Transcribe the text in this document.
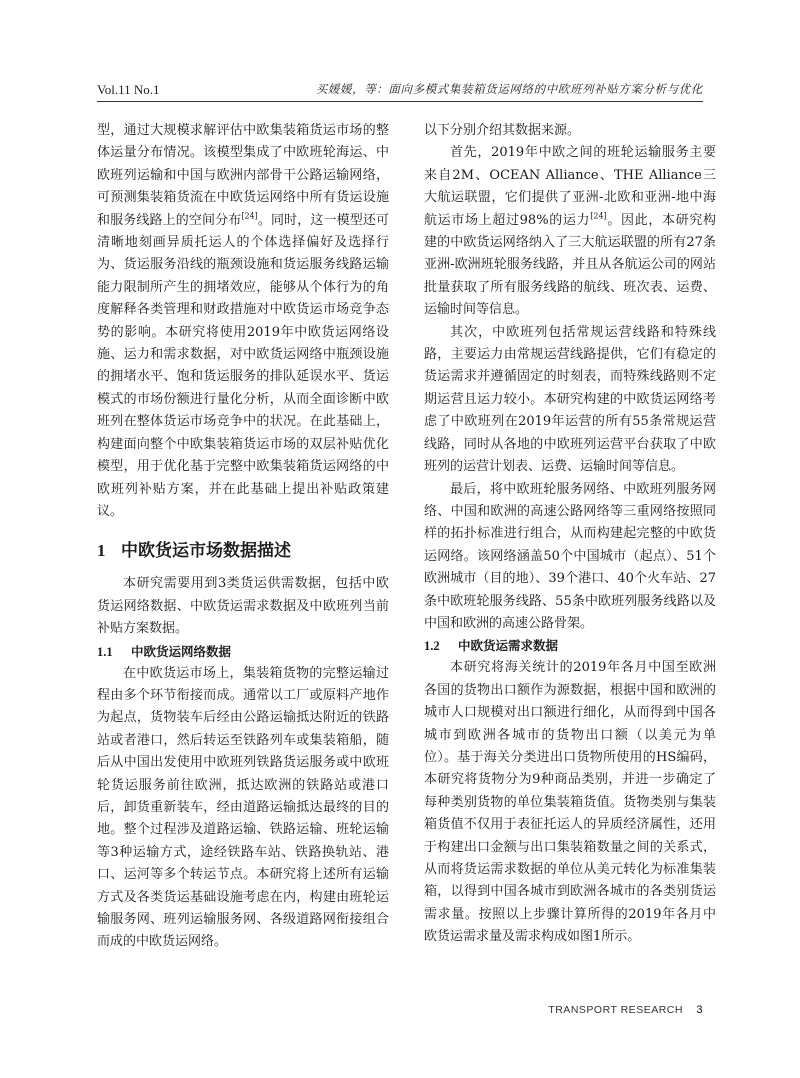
Vol.11 No.1	买媛媛，等：面向多模式集装箱货运网络的中欧班列补贴方案分析与优化

型，通过大规模求解评估中欧集装箱货运市场的整体运量分布情况。该模型集成了中欧班轮海运、中欧班列运输和中国与欧洲内部骨干公路运输网络，可预测集装箱货流在中欧货运网络中所有货运设施和服务线路上的空间分布[24]。同时，这一模型还可清晰地刻画异质托运人的个体选择偏好及选择行为、货运服务沿线的瓶颈设施和货运服务线路运输能力限制所产生的拥堵效应，能够从个体行为的角度解释各类管理和财政措施对中欧货运市场竞争态势的影响。本研究将使用2019年中欧货运网络设施、运力和需求数据，对中欧货运网络中瓶颈设施的拥堵水平、饱和货运服务的排队延误水平、货运模式的市场份额进行量化分析，从而全面诊断中欧班列在整体货运市场竞争中的状况。在此基础上，构建面向整个中欧集装箱货运市场的双层补贴优化模型，用于优化基于完整中欧集装箱货运网络的中欧班列补贴方案，并在此基础上提出补贴政策建议。

1 中欧货运市场数据描述

本研究需要用到3类货运供需数据，包括中欧货运网络数据、中欧货运需求数据及中欧班列当前补贴方案数据。

1.1 中欧货运网络数据

在中欧货运市场上，集装箱货物的完整运输过程由多个环节衔接而成。通常以工厂或原料产地作为起点，货物装车后经由公路运输抵达附近的铁路站或者港口，然后转运至铁路列车或集装箱船，随后从中国出发使用中欧班列铁路货运服务或中欧班轮货运服务前往欧洲，抵达欧洲的铁路站或港口后，卸货重新装车，经由道路运输抵达最终的目的地。整个过程涉及道路运输、铁路运输、班轮运输等3种运输方式，途经铁路车站、铁路换轨站、港口、运河等多个转运节点。本研究将上述所有运输方式及各类货运基础设施考虑在内，构建由班轮运输服务网、班列运输服务网、各级道路网衔接组合而成的中欧货运网络。

以下分别介绍其数据来源。

首先，2019年中欧之间的班轮运输服务主要来自2M、OCEAN Alliance、THE Alliance三大航运联盟，它们提供了亚洲-北欧和亚洲-地中海航运市场上超过98%的运力[24]。因此，本研究构建的中欧货运网络纳入了三大航运联盟的所有27条亚洲-欧洲班轮服务线路，并且从各航运公司的网站批量获取了所有服务线路的航线、班次表、运费、运输时间等信息。

其次，中欧班列包括常规运营线路和特殊线路，主要运力由常规运营线路提供，它们有稳定的货运需求并遵循固定的时刻表，而特殊线路则不定期运营且运力较小。本研究构建的中欧货运网络考虑了中欧班列在2019年运营的所有55条常规运营线路，同时从各地的中欧班列运营平台获取了中欧班列的运营计划表、运费、运输时间等信息。

最后，将中欧班轮服务网络、中欧班列服务网络、中国和欧洲的高速公路网络等三重网络按照同样的拓扑标准进行组合，从而构建起完整的中欧货运网络。该网络涵盖50个中国城市（起点）、51个欧洲城市（目的地）、39个港口、40个火车站、27条中欧班轮服务线路、55条中欧班列服务线路以及中国和欧洲的高速公路骨架。

1.2 中欧货运需求数据

本研究将海关统计的2019年各月中国至欧洲各国的货物出口额作为源数据，根据中国和欧洲的城市人口规模对出口额进行细化，从而得到中国各城市到欧洲各城市的货物出口额（以美元为单位）。基于海关分类进出口货物所使用的HS编码，本研究将货物分为9种商品类别，并进一步确定了每种类别货物的单位集装箱货值。货物类别与集装箱货值不仅用于表征托运人的异质经济属性，还用于构建出口金额与出口集装箱数量之间的关系式，从而将货运需求数据的单位从美元转化为标准集装箱，以得到中国各城市到欧洲各城市的各类别货运需求量。按照以上步骤计算所得的2019年各月中欧货运需求量及需求构成如图1所示。

TRANSPORT RESEARCH 3
